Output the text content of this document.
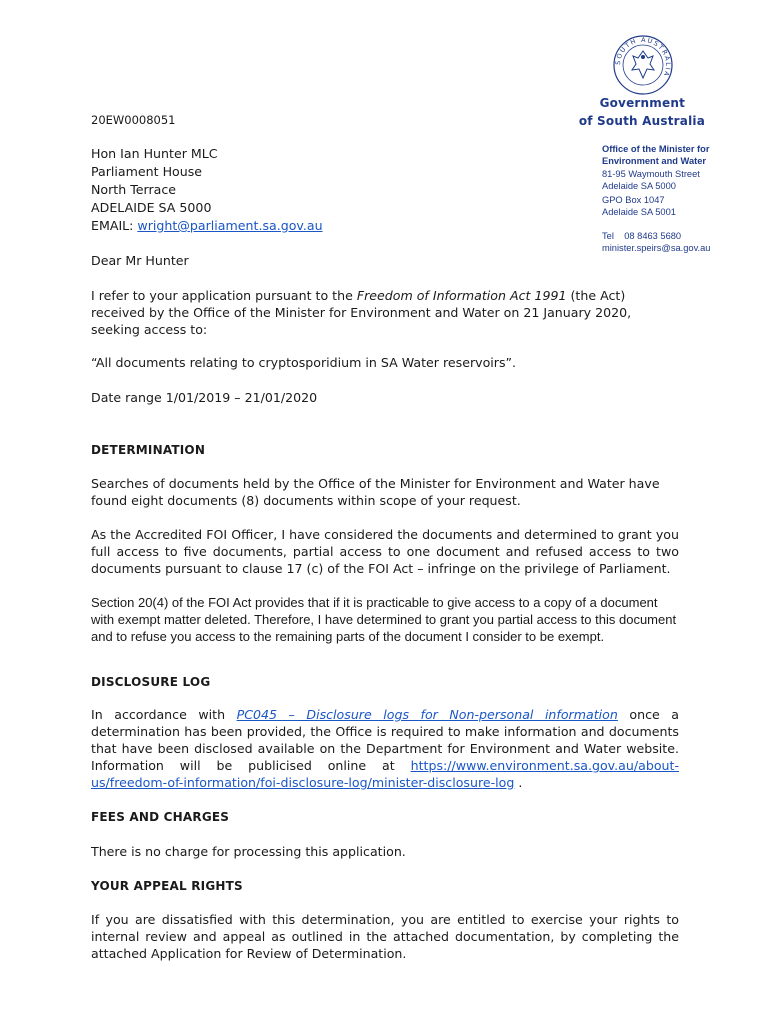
SOUTH AUSTRALIA
Government
of South Australia
Office of the Minister for
Environment and Water
81-95 Waymouth Street
Adelaide SA 5000
GPO Box 1047
Adelaide SA 5001
Tel 08 8463 5680
minister.speirs@sa.gov.au
20EW0008051
Hon Ian Hunter MLC
Parliament House
North Terrace
ADELAIDE SA 5000
EMAIL: wright@parliament.sa.gov.au
Dear Mr Hunter
I refer to your application pursuant to the Freedom of Information Act 1991 (the Act) received by the Office of the Minister for Environment and Water on 21 January 2020, seeking access to:
“All documents relating to cryptosporidium in SA Water reservoirs”.
Date range 1/01/2019 – 21/01/2020
DETERMINATION
Searches of documents held by the Office of the Minister for Environment and Water have found eight documents (8) documents within scope of your request.
As the Accredited FOI Officer, I have considered the documents and determined to grant you full access to five documents, partial access to one document and refused access to two documents pursuant to clause 17 (c) of the FOI Act – infringe on the privilege of Parliament.
Section 20(4) of the FOI Act provides that if it is practicable to give access to a copy of a document with exempt matter deleted. Therefore, I have determined to grant you partial access to this document and to refuse you access to the remaining parts of the document I consider to be exempt.
DISCLOSURE LOG
In accordance with PC045 – Disclosure logs for Non-personal information once a determination has been provided, the Office is required to make information and documents that have been disclosed available on the Department for Environment and Water website. Information will be publicised online at https://www.environment.sa.gov.au/about-us/freedom-of-information/foi-disclosure-log/minister-disclosure-log .
FEES AND CHARGES
There is no charge for processing this application.
YOUR APPEAL RIGHTS
If you are dissatisfied with this determination, you are entitled to exercise your rights to internal review and appeal as outlined in the attached documentation, by completing the attached Application for Review of Determination.
